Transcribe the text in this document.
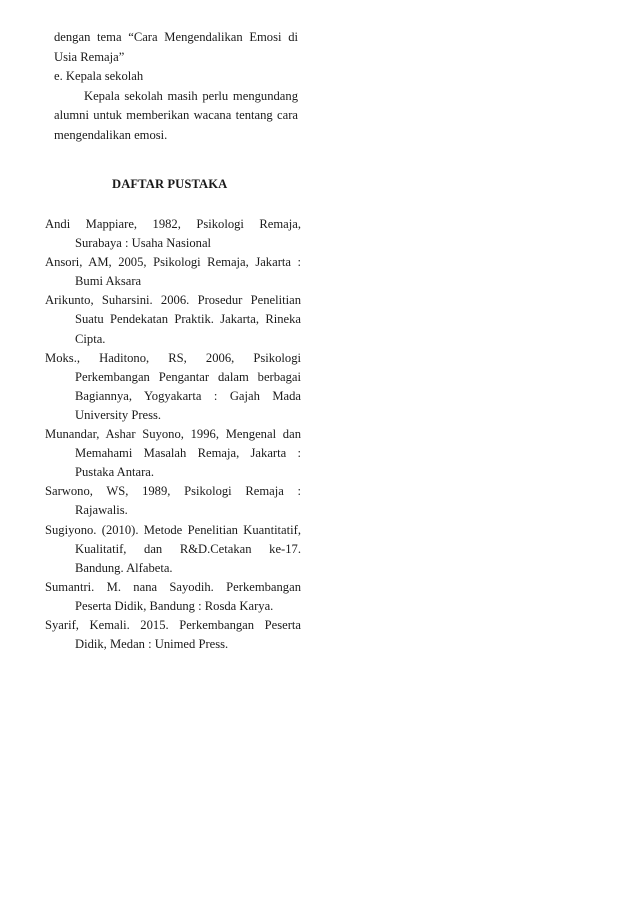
dengan tema “Cara Mengendalikan Emosi di
Usia Remaja”
e. Kepala sekolah
Kepala sekolah masih perlu mengundang
alumni untuk memberikan wacana tentang cara
mengendalikan emosi.
DAFTAR PUSTAKA

Andi Mappiare, 1982, Psikologi Remaja,
Surabaya : Usaha Nasional

Ansori, AM, 2005, Psikologi Remaja, Jakarta :
Bumi Aksara

Arikunto, Suharsini. 2006. Prosedur Penelitian
Suatu Pendekatan Praktik. Jakarta, Rineka
Cipta.

Moks., Haditono, RS, 2006, Psikologi
Perkembangan Pengantar dalam berbagai
Bagiannya, Yogyakarta : Gajah Mada
University Press.

Munandar, Ashar Suyono, 1996, Mengenal dan
Memahami Masalah Remaja, Jakarta :
Pustaka Antara.

Sarwono, WS, 1989, Psikologi Remaja :
Rajawalis.

Sugiyono. (2010). Metode Penelitian Kuantitatif,
Kualitatif, dan R&D.Cetakan ke-17.
Bandung. Alfabeta.

Sumantri. M. nana Sayodih. Perkembangan
Peserta Didik, Bandung : Rosda Karya.

Syarif, Kemali. 2015. Perkembangan Peserta
Didik, Medan : Unimed Press.
